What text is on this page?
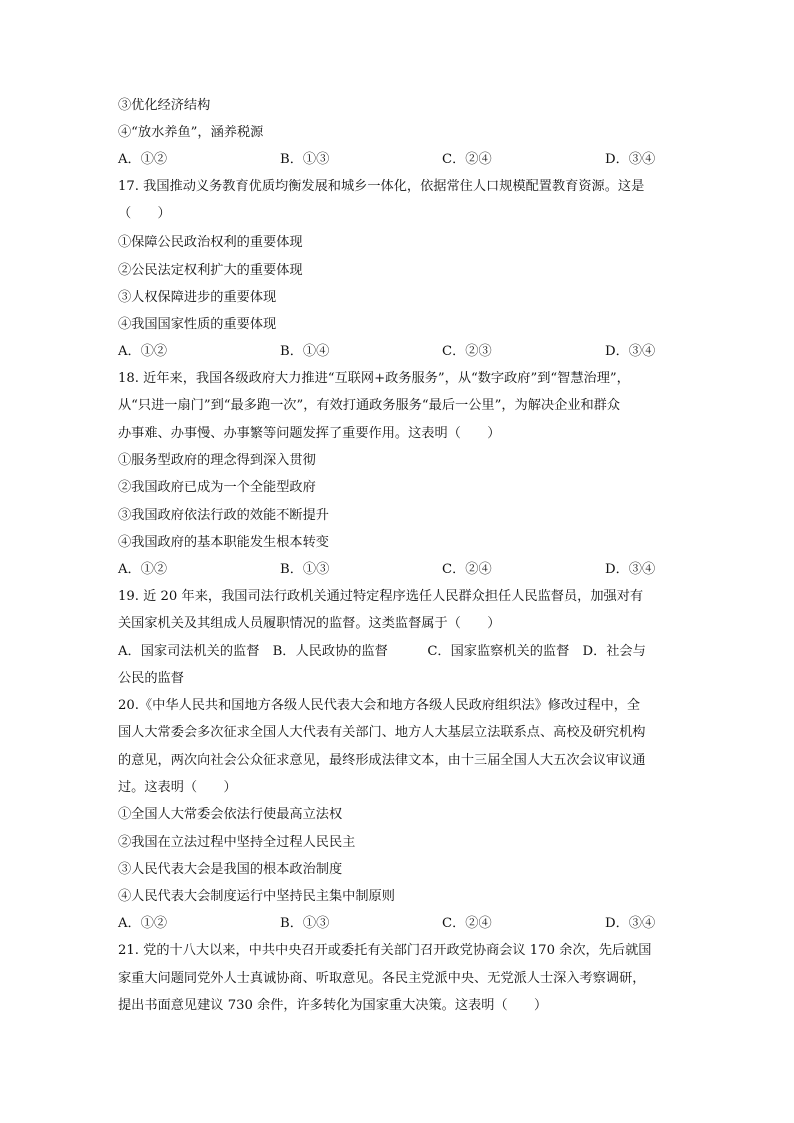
③优化经济结构
④“放水养鱼”，涵养税源
A．①②	B．①③	C．②④	D．③④
17. 我国推动义务教育优质均衡发展和城乡一体化，依据常住人口规模配置教育资源。这是
（　　）
①保障公民政治权利的重要体现
②公民法定权利扩大的重要体现
③人权保障进步的重要体现
④我国国家性质的重要体现
A．①②	B．①④	C．②③	D．③④
18. 近年来，我国各级政府大力推进“互联网+政务服务”，从“数字政府”到“智慧治理”，
从“只进一扇门”到“最多跑一次”，有效打通政务服务“最后一公里”，为解决企业和群众
办事难、办事慢、办事繁等问题发挥了重要作用。这表明（　　）
①服务型政府的理念得到深入贯彻
②我国政府已成为一个全能型政府
③我国政府依法行政的效能不断提升
④我国政府的基本职能发生根本转变
A．①②	B．①③	C．②④	D．③④
19. 近 20 年来，我国司法行政机关通过特定程序选任人民群众担任人民监督员，加强对有
关国家机关及其组成人员履职情况的监督。这类监督属于（　　）
A．国家司法机关的监督　B．人民政协的监督　　　C．国家监察机关的监督　D．社会与
公民的监督
20.《中华人民共和国地方各级人民代表大会和地方各级人民政府组织法》修改过程中，全
国人大常委会多次征求全国人大代表有关部门、地方人大基层立法联系点、高校及研究机构
的意见，两次向社会公众征求意见，最终形成法律文本，由十三届全国人大五次会议审议通
过。这表明（　　）
①全国人大常委会依法行使最高立法权
②我国在立法过程中坚持全过程人民民主
③人民代表大会是我国的根本政治制度
④人民代表大会制度运行中坚持民主集中制原则
A．①②	B．①③	C．②④	D．③④
21. 党的十八大以来，中共中央召开或委托有关部门召开政党协商会议 170 余次，先后就国
家重大问题同党外人士真诚协商、听取意见。各民主党派中央、无党派人士深入考察调研，
提出书面意见建议 730 余件，许多转化为国家重大决策。这表明（　　）
